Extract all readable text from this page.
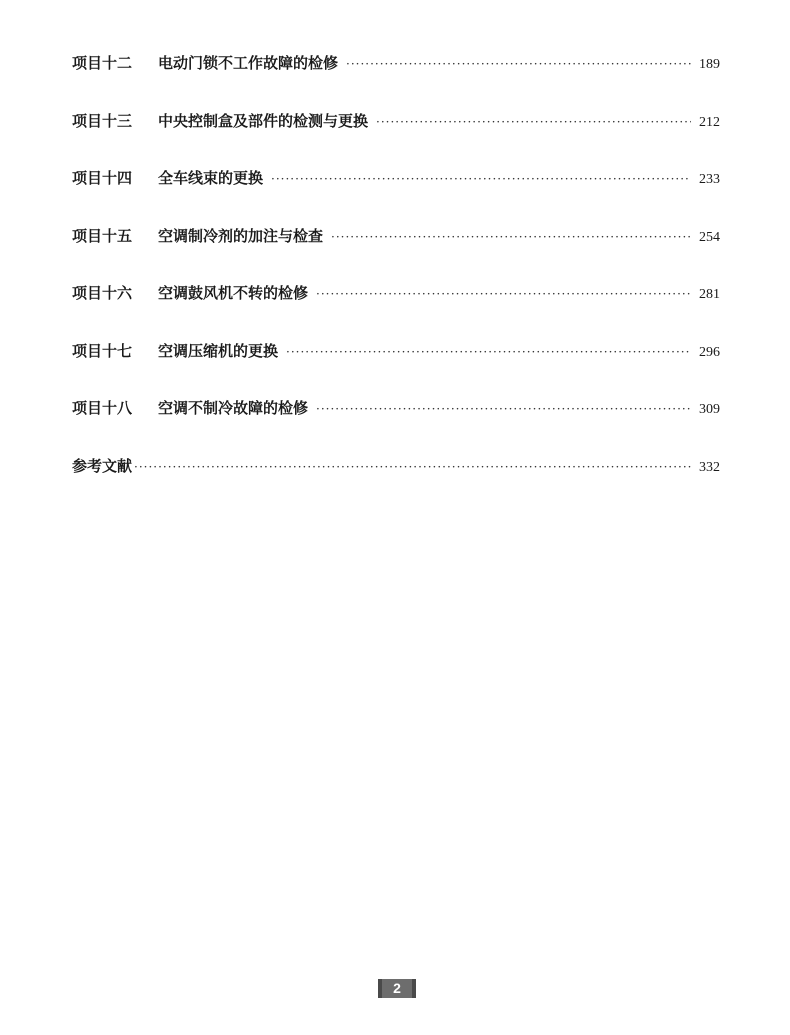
项目十二	电动门锁不工作故障的检修 ·····	189
项目十三	中央控制盒及部件的检测与更换 ·····	212
项目十四	全车线束的更换 ·····	233
项目十五	空调制冷剂的加注与检查 ·····	254
项目十六	空调鼓风机不转的检修 ·····	281
项目十七	空调压缩机的更换 ·····	296
项目十八	空调不制冷故障的检修 ·····	309
参考文献 ·····	332
2
